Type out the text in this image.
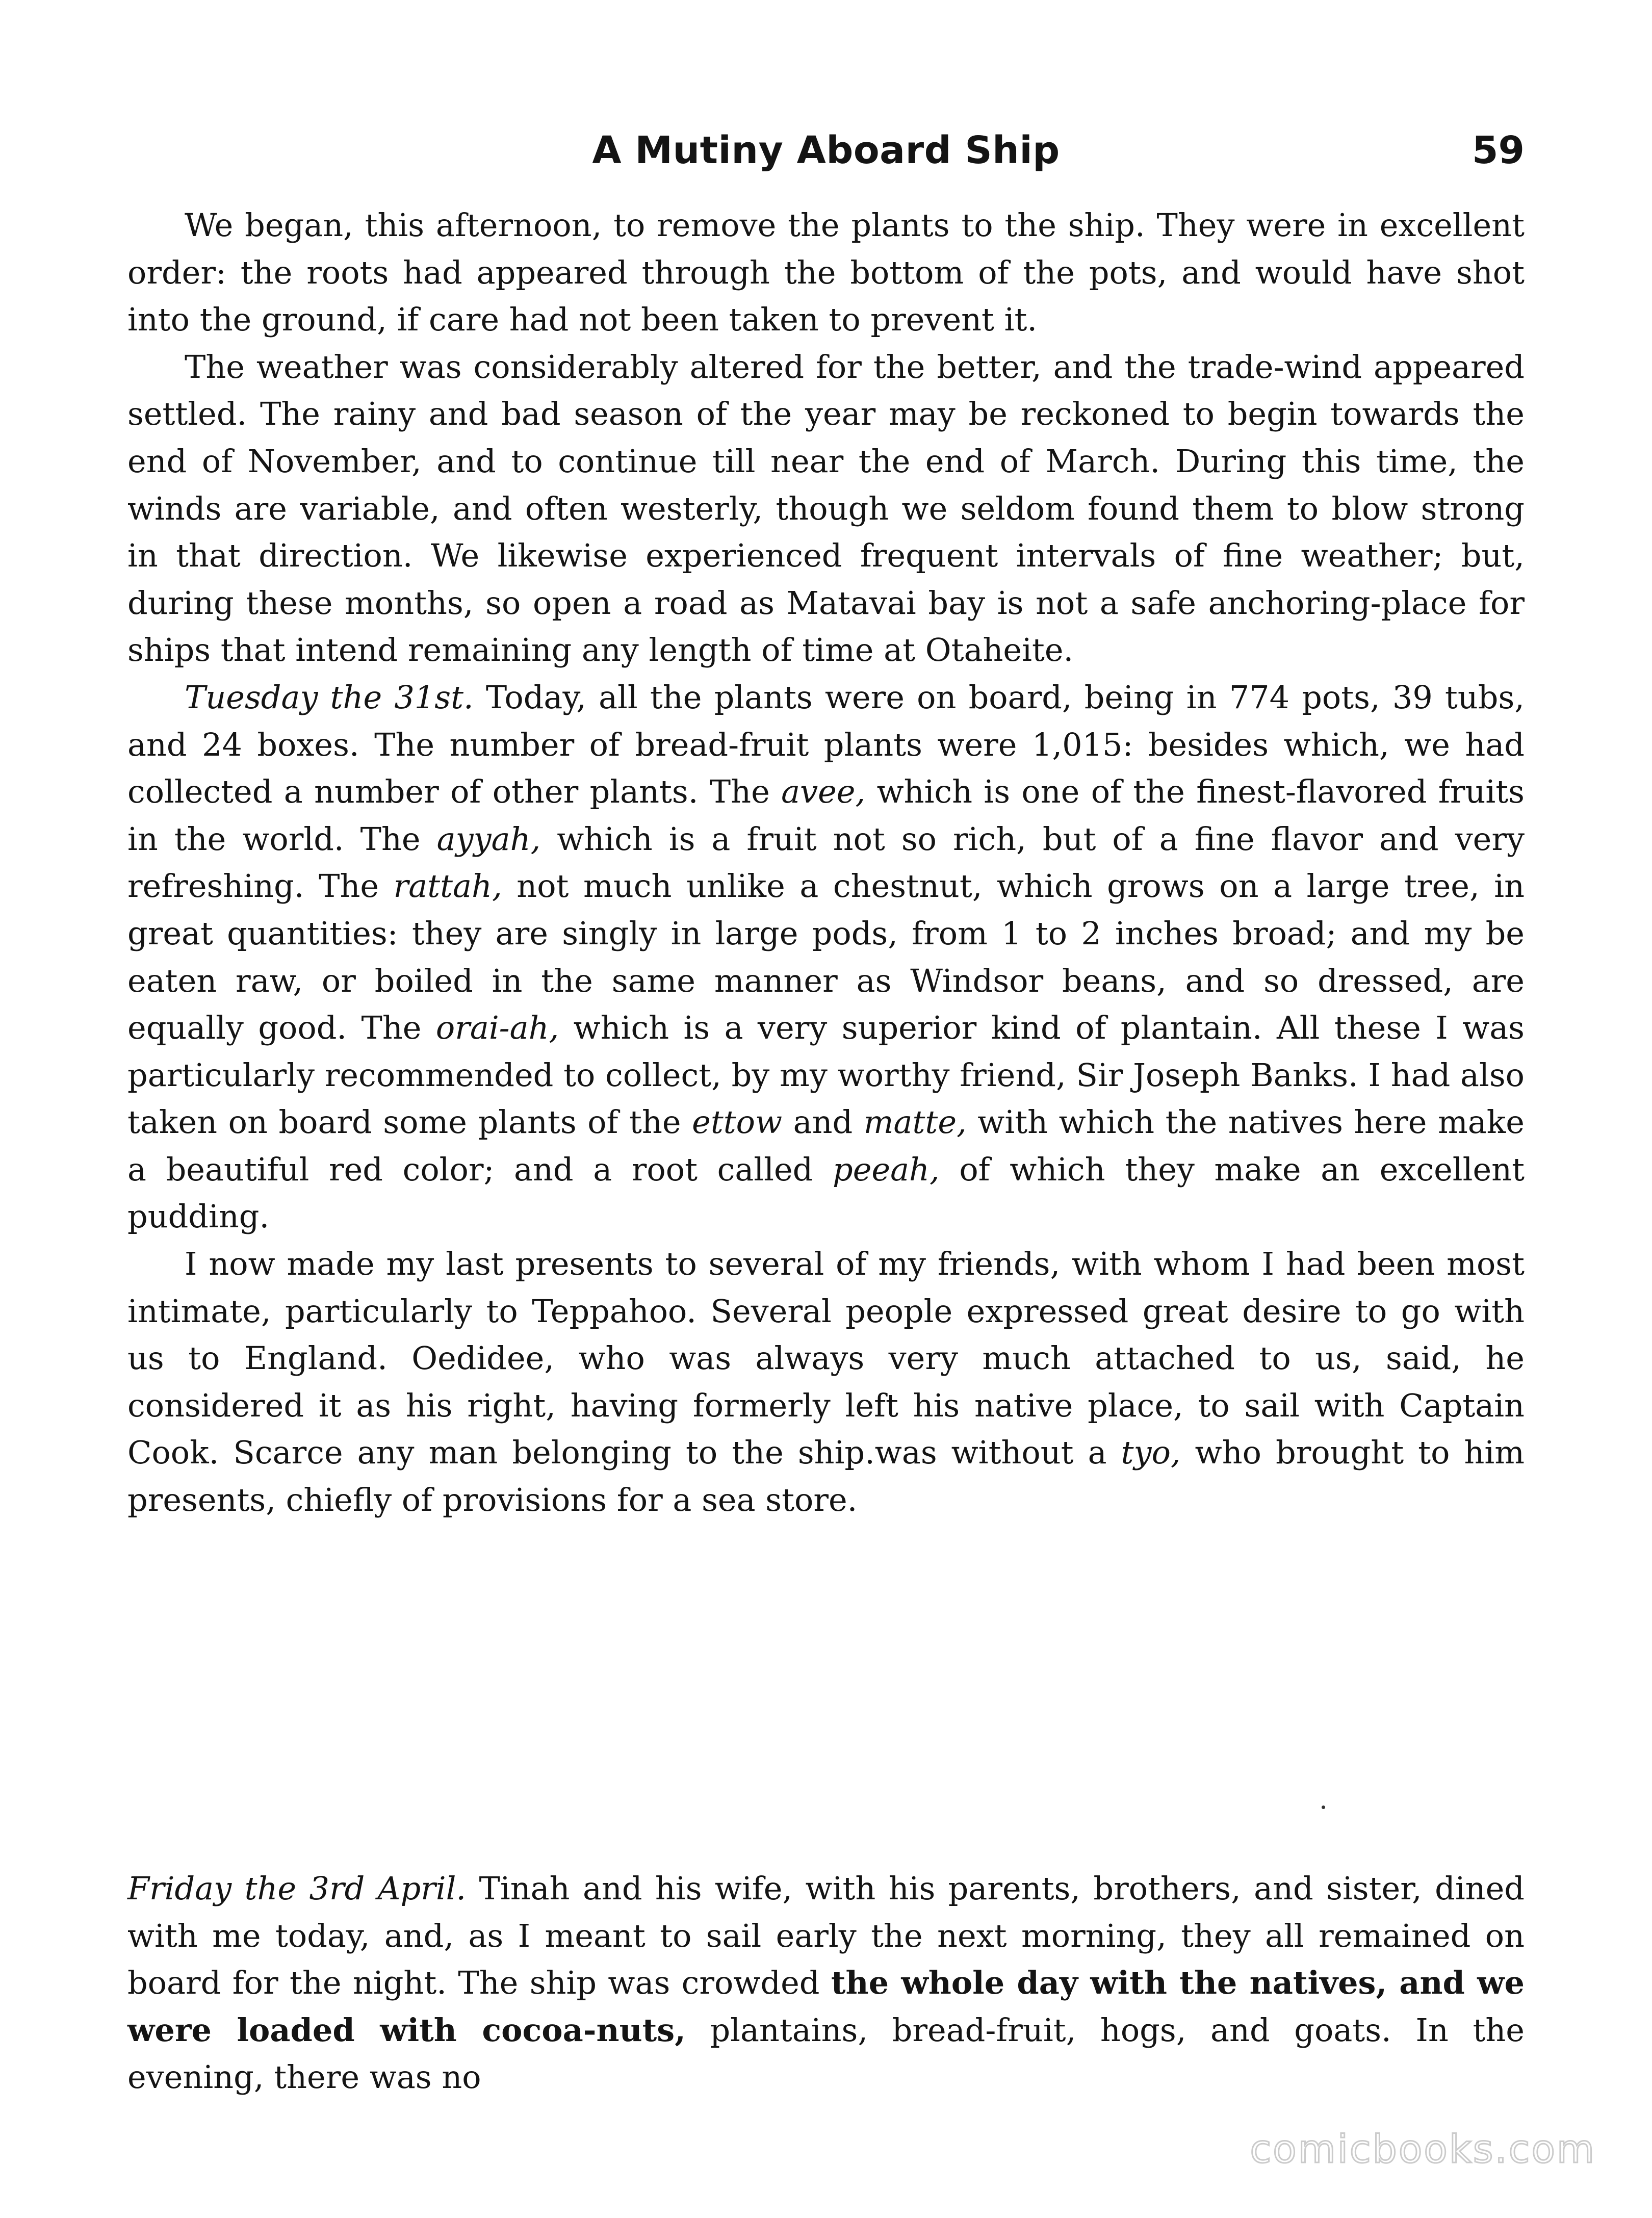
A Mutiny Aboard Ship	59

We began, this afternoon, to remove the plants to the ship. They were in excellent order: the roots had appeared through the bottom of the pots, and would have shot into the ground, if care had not been taken to prevent it.

The weather was considerably altered for the better, and the trade-wind appeared settled. The rainy and bad season of the year may be reckoned to begin towards the end of November, and to continue till near the end of March. During this time, the winds are variable, and often westerly, though we seldom found them to blow strong in that direction. We likewise experienced frequent intervals of fine weather; but, during these months, so open a road as Matavai bay is not a safe anchoring-place for ships that intend remaining any length of time at Otaheite.

Tuesday the 31st. Today, all the plants were on board, being in 774 pots, 39 tubs, and 24 boxes. The number of bread-fruit plants were 1,015: besides which, we had collected a number of other plants. The avee, which is one of the finest-flavored fruits in the world. The ayyah, which is a fruit not so rich, but of a fine flavor and very refreshing. The rattah, not much unlike a chestnut, which grows on a large tree, in great quantities: they are singly in large pods, from 1 to 2 inches broad; and my be eaten raw, or boiled in the same manner as Windsor beans, and so dressed, are equally good. The orai-ah, which is a very superior kind of plantain. All these I was particularly recommended to collect, by my worthy friend, Sir Joseph Banks. I had also taken on board some plants of the ettow and matte, with which the natives here make a beautiful red color; and a root called peeah, of which they make an excellent pudding.

I now made my last presents to several of my friends, with whom I had been most intimate, particularly to Teppahoo. Several people expressed great desire to go with us to England. Oedidee, who was always very much attached to us, said, he considered it as his right, having formerly left his native place, to sail with Captain Cook. Scarce any man belonging to the ship.was without a tyo, who brought to him presents, chiefly of provisions for a sea store.

Friday the 3rd April. Tinah and his wife, with his parents, brothers, and sister, dined with me today, and, as I meant to sail early the next morning, they all remained on board for the night. The ship was crowded the whole day with the natives, and we were loaded with cocoa-nuts, plantains, bread-fruit, hogs, and goats. In the evening, there was no

comicbooks.com
